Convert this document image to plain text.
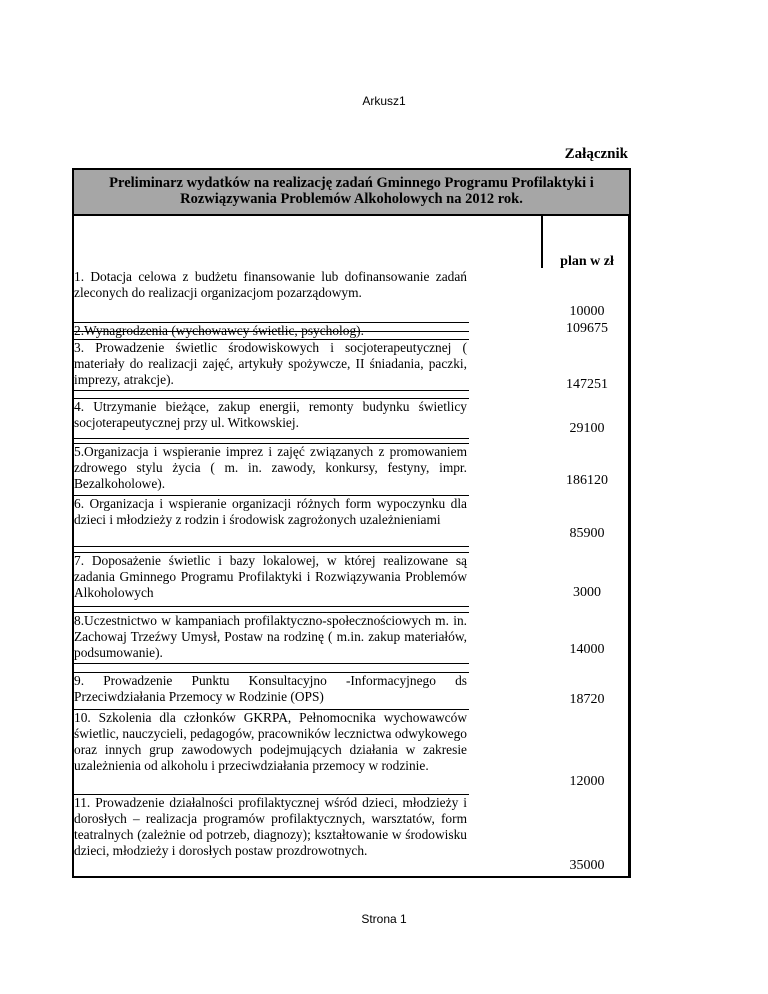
Arkusz1
Załącznik
Preliminarz wydatków na realizację zadań Gminnego Programu Profilaktyki i Rozwiązywania Problemów Alkoholowych na 2012 rok.
plan w zł
1. Dotacja celowa z budżetu finansowanie lub dofinansowanie zadań zleconych do realizacji organizacjom pozarządowym.
2.Wynagrodzenia (wychowawcy świetlic, psycholog).
3. Prowadzenie świetlic środowiskowych i socjoterapeutycznej ( materiały do realizacji zajęć, artykuły spożywcze, II śniadania, paczki, imprezy, atrakcje).
4. Utrzymanie bieżące, zakup energii, remonty budynku świetlicy socjoterapeutycznej przy ul. Witkowskiej.
5.Organizacja i wspieranie imprez i zajęć związanych z promowaniem zdrowego stylu życia ( m. in. zawody, konkursy, festyny, impr. Bezalkoholowe).
6. Organizacja i wspieranie organizacji różnych form wypoczynku dla dzieci i młodzieży z rodzin i środowisk zagrożonych uzależnieniami
7. Doposażenie świetlic i bazy lokalowej, w której realizowane są zadania Gminnego Programu Profilaktyki i Rozwiązywania Problemów Alkoholowych
8.Uczestnictwo w kampaniach profilaktyczno-społecznościowych m. in. Zachowaj Trzeźwy Umysł, Postaw na rodzinę ( m.in. zakup materiałów, podsumowanie).
9. Prowadzenie Punktu Konsultacyjno -Informacyjnego ds Przeciwdziałania Przemocy w Rodzinie (OPS)
10. Szkolenia dla członków GKRPA, Pełnomocnika wychowawców świetlic, nauczycieli, pedagogów, pracowników lecznictwa odwykowego oraz innych grup zawodowych podejmujących działania w zakresie uzależnienia od alkoholu i przeciwdziałania przemocy w rodzinie.
11. Prowadzenie działalności profilaktycznej wśród dzieci, młodzieży i dorosłych – realizacja programów profilaktycznych, warsztatów, form teatralnych (zależnie od potrzeb, diagnozy); kształtowanie w środowisku dzieci, młodzieży i dorosłych postaw prozdrowotnych.
10000
109675
147251
29100
186120
85900
3000
14000
18720
12000
35000
Strona 1
